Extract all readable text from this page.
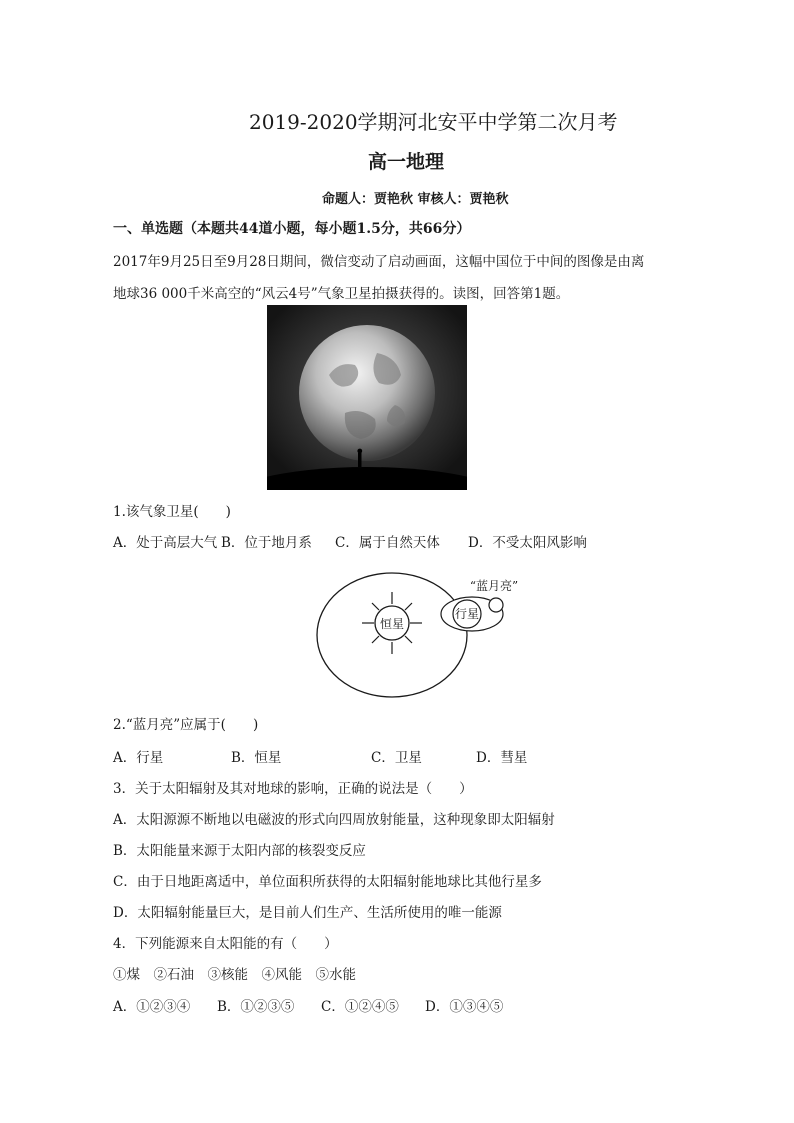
2019-2020学期河北安平中学第二次月考
高一地理
命题人：贾艳秋 审核人：贾艳秋
一、单选题（本题共44道小题，每小题1.5分，共66分）
2017年9月25日至9月28日期间，微信变动了启动画面，这幅中国位于中间的图像是由离
地球36 000千米高空的“风云4号”气象卫星拍摄获得的。读图，回答第1题。
1.该气象卫星(　　)
A．处于高层大气 B．位于地月系 C．属于自然天体 D．不受太阳风影响
恒星
行星
“蓝月亮”
2.“蓝月亮”应属于(　　)
A．行星	B．恒星	C．卫星	D．彗星
3．关于太阳辐射及其对地球的影响，正确的说法是（　　）
A．太阳源源不断地以电磁波的形式向四周放射能量，这种现象即太阳辐射
B．太阳能量来源于太阳内部的核裂变反应
C．由于日地距离适中，单位面积所获得的太阳辐射能地球比其他行星多
D．太阳辐射能量巨大，是目前人们生产、生活所使用的唯一能源
4．下列能源来自太阳能的有（　　）
①煤　②石油　③核能　④风能　⑤水能
A．①②③④ B．①②③⑤ C．①②④⑤ D．①③④⑤
